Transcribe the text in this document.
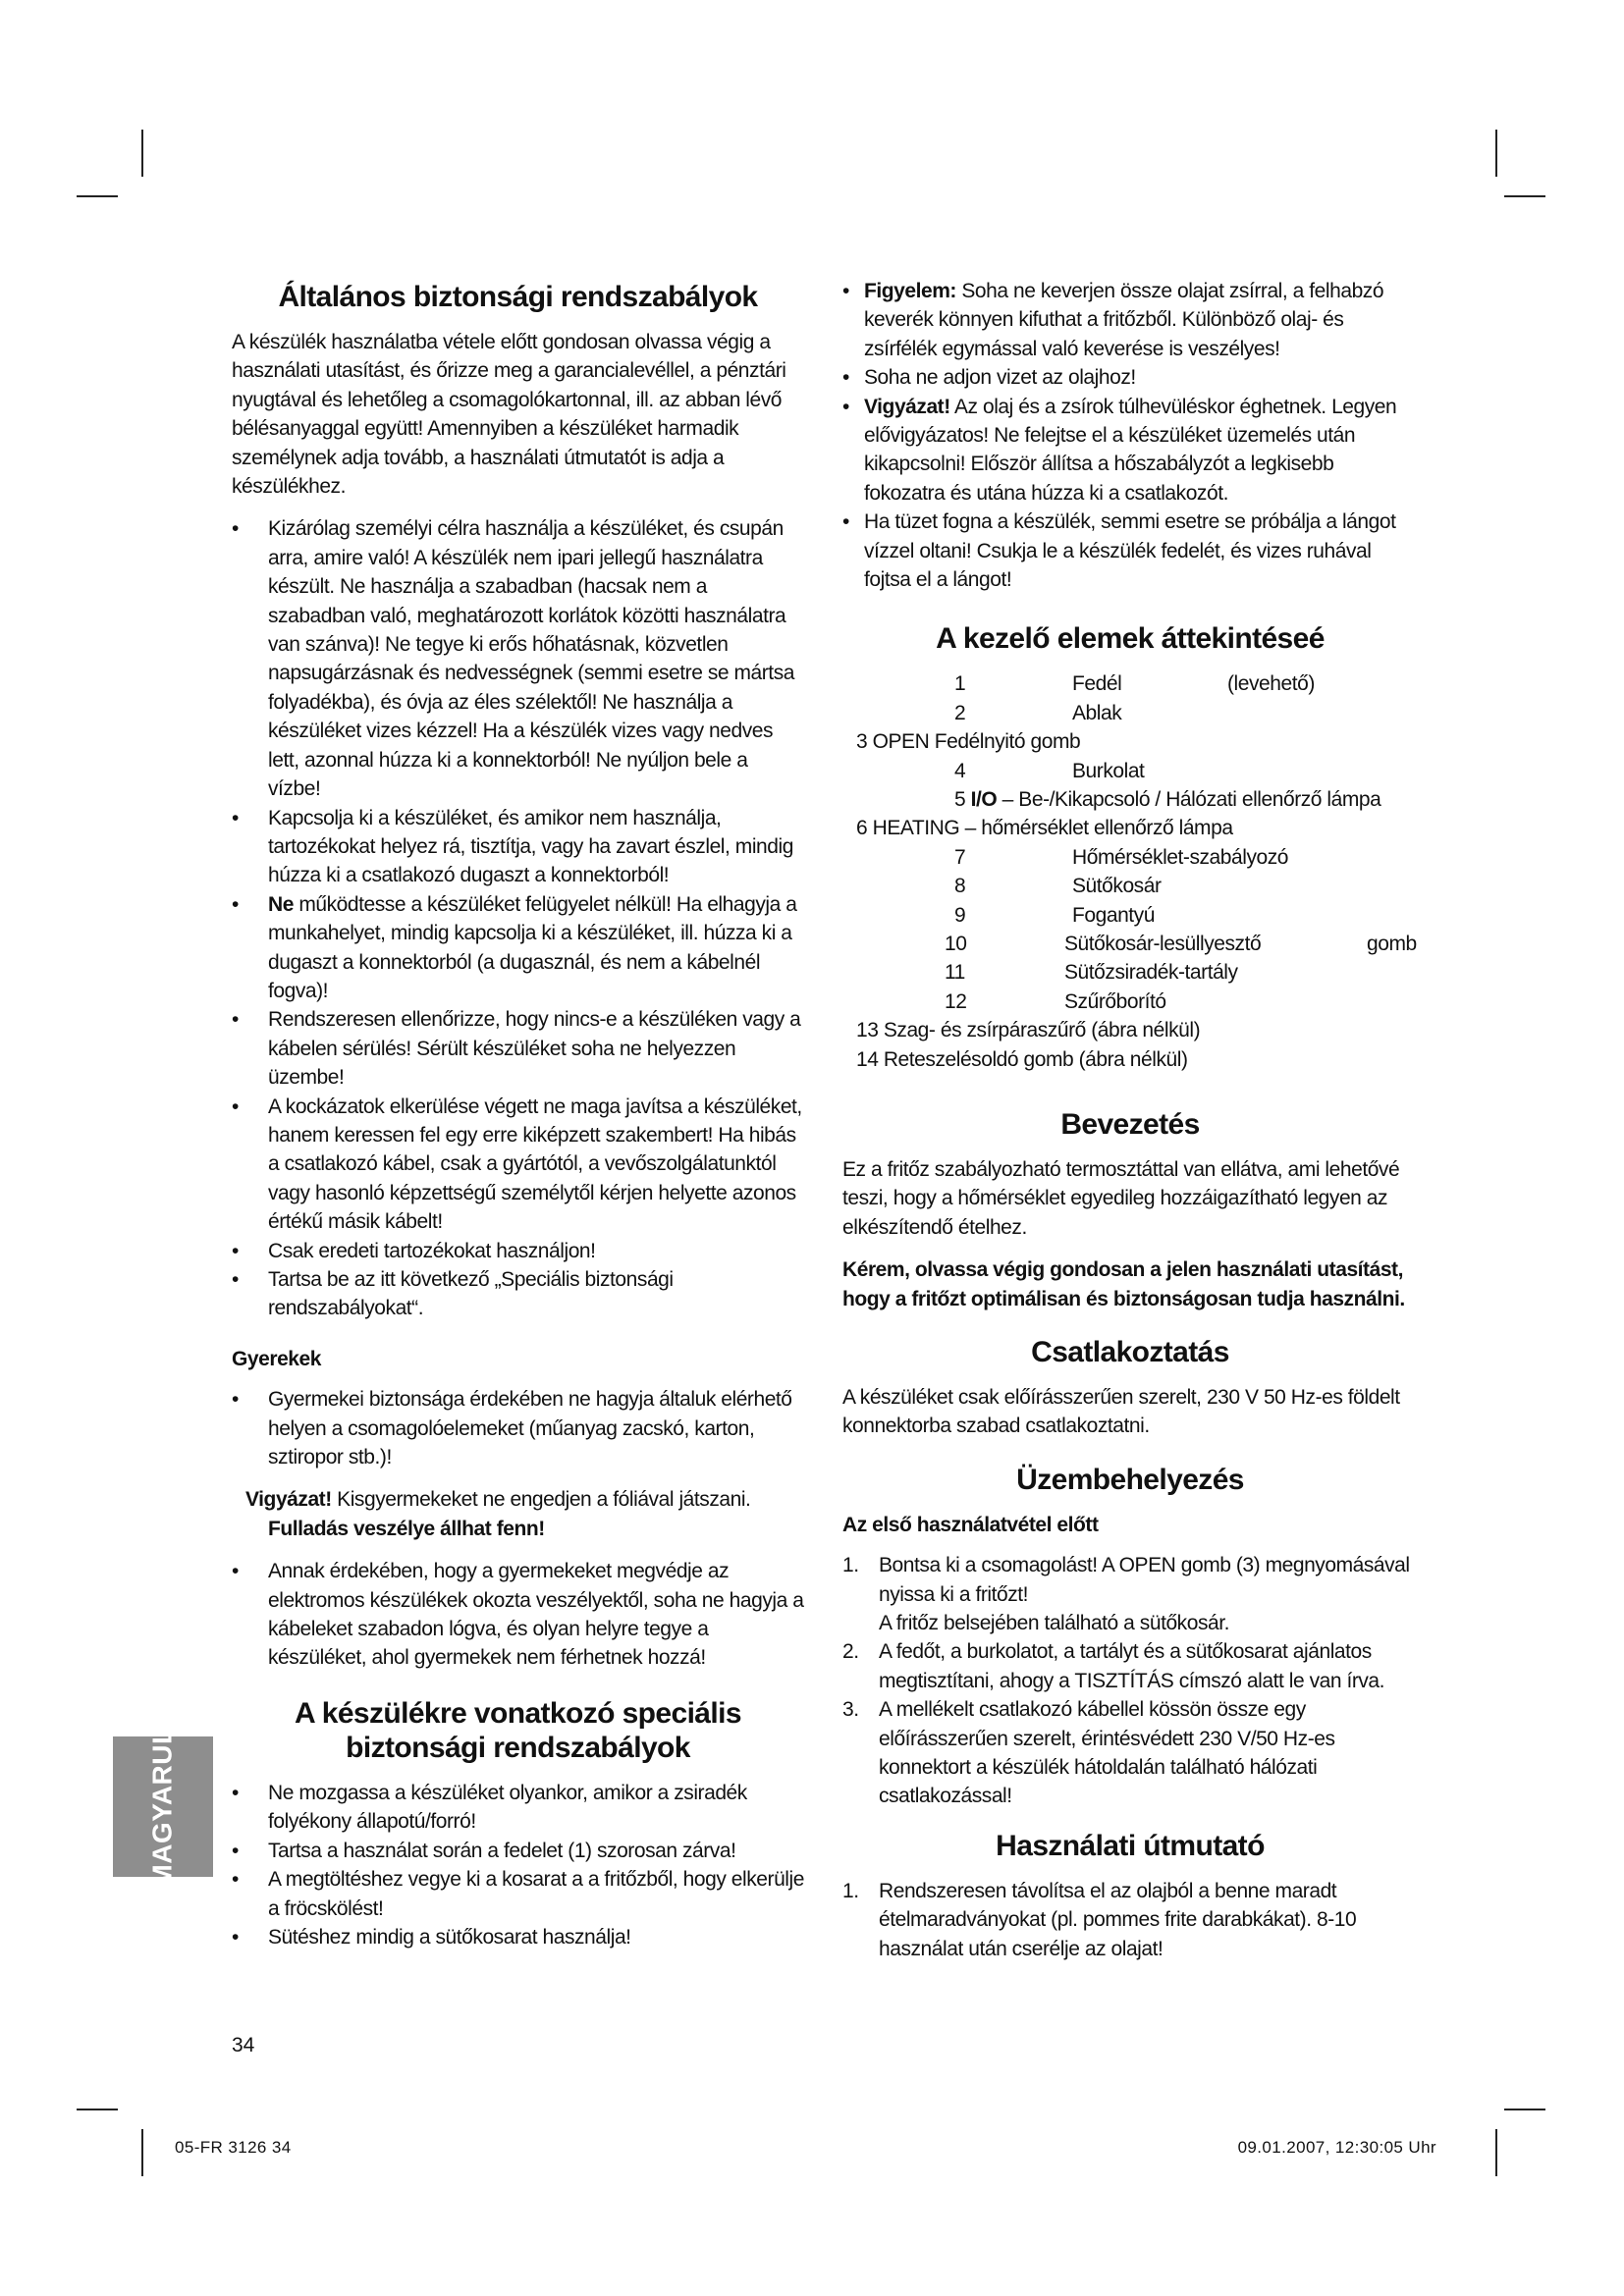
Általános biztonsági rendszabályok

A készülék használatba vétele előtt gondosan olvassa végig a használati utasítást, és őrizze meg a garancialevéllel, a pénztári nyugtával és lehetőleg a csomagolókartonnal, ill. az abban lévő bélésanyaggal együtt! Amennyiben a készüléket harmadik személynek adja tovább, a használati útmutatót is adja a készülékhez.

• Kizárólag személyi célra használja a készüléket, és csupán arra, amire való! A készülék nem ipari jellegű használatra készült. Ne használja a szabadban (hacsak nem a szabadban való, meghatározott korlátok közötti használatra van szánva)! Ne tegye ki erős hőhatásnak, közvetlen napsugárzásnak és nedvességnek (semmi esetre se mártsa folyadékba), és óvja az éles szélektől! Ne használja a készüléket vizes kézzel! Ha a készülék vizes vagy nedves lett, azonnal húzza ki a konnektorból! Ne nyúljon bele a vízbe!
• Kapcsolja ki a készüléket, és amikor nem használja, tartozékokat helyez rá, tisztítja, vagy ha zavart észlel, mindig húzza ki a csatlakozó dugaszt a konnektorból!
• Ne működtesse a készüléket felügyelet nélkül! Ha elhagyja a munkahelyet, mindig kapcsolja ki a készüléket, ill. húzza ki a dugaszt a konnektorból (a dugasznál, és nem a kábelnél fogva)!
• Rendszeresen ellenőrizze, hogy nincs-e a készüléken vagy a kábelen sérülés! Sérült készüléket soha ne helyezzen üzembe!
• A kockázatok elkerülése végett ne maga javítsa a készüléket, hanem keressen fel egy erre kiképzett szakembert! Ha hibás a csatlakozó kábel, csak a gyártótól, a vevőszolgálatunktól vagy hasonló képzettségű személytől kérjen helyette azonos értékű másik kábelt!
• Csak eredeti tartozékokat használjon!
• Tartsa be az itt következő „Speciális biztonsági rendszabályokat“.
Gyerekek
• Gyermekei biztonsága érdekében ne hagyja általuk elérhető helyen a csomagolóelemeket (műanyag zacskó, karton, sztiropor stb.)!

Vigyázat! Kisgyermekeket ne engedjen a fóliával játszani.
Fulladás veszélye állhat fenn!

• Annak érdekében, hogy a gyermekeket megvédje az elektromos készülékek okozta veszélyektől, soha ne hagyja a kábeleket szabadon lógva, és olyan helyre tegye a készüléket, ahol gyermekek nem férhetnek hozzá!
A készülékre vonatkozó speciális biztonsági rendszabályok
• Ne mozgassa a készüléket olyankor, amikor a zsiradék folyékony állapotú/forró!
• Tartsa a használat során a fedelet (1) szorosan zárva!
• A megtöltéshez vegye ki a kosarat a a fritőzből, hogy elkerülje a fröcskölést!
• Sütéshez mindig a sütőkosarat használja!
• Figyelem: Soha ne keverjen össze olajat zsírral, a felhabzó keverék könnyen kifuthat a fritőzből. Különböző olaj- és zsírfélék egymással való keverése is veszélyes!
• Soha ne adjon vizet az olajhoz!
• Vigyázat! Az olaj és a zsírok túlhevüléskor éghetnek. Legyen elővigyázatos! Ne felejtse el a készüléket üzemelés után kikapcsolni! Először állítsa a hőszabályzót a legkisebb fokozatra és utána húzza ki a csatlakozót.
• Ha tüzet fogna a készülék, semmi esetre se próbálja a lángot vízzel oltani! Csukja le a készülék fedelét, és vizes ruhával fojtsa el a lángot!
A kezelő elemek áttekintéseé
1	Fedél	(levehető)
2	Ablak
3 OPEN Fedélnyitó gomb
4	Burkolat
5 I/O – Be-/Kikapcsoló / Hálózati ellenőrző lámpa
6 HEATING – hőmérséklet ellenőrző lámpa
7	Hőmérséklet-szabályozó
8	Sütőkosár
9	Fogantyú
10	Sütőkosár-lesüllyesztő	gomb
11	Sütőzsiradék-tartály
12	Szűrőborító
13 Szag- és zsírpáraszűrő (ábra nélkül)
14 Reteszelésoldó gomb (ábra nélkül)
Bevezetés

Ez a fritőz szabályozható termosztáttal van ellátva, ami lehetővé teszi, hogy a hőmérséklet egyedileg hozzáigazítható legyen az elkészítendő ételhez.

Kérem, olvassa végig gondosan a jelen használati utasítást, hogy a fritőzt optimálisan és biztonságosan tudja használni.

Csatlakoztatás

A készüléket csak előírásszerűen szerelt, 230 V 50 Hz-es földelt konnektorba szabad csatlakoztatni.

Üzembehelyezés
Az első használatvétel előtt
1. Bontsa ki a csomagolást! A OPEN gomb (3) megnyomásával nyissa ki a fritőzt!
A fritőz belsejében található a sütőkosár.
2. A fedőt, a burkolatot, a tartályt és a sütőkosarat ajánlatos megtisztítani, ahogy a TISZTÍTÁS címszó alatt le van írva.
3. A mellékelt csatlakozó kábellel kössön össze egy előírásszerűen szerelt, érintésvédett 230 V/50 Hz-es konnektort a készülék hátoldalán található hálózati csatlakozással!
Használati útmutató
1. Rendszeresen távolítsa el az olajból a benne maradt ételmaradványokat (pl. pommes frite darabkákat). 8-10 használat után cserélje az olajat!
MAGYARUL
34
05-FR 3126 34	09.01.2007, 12:30:05 Uhr
